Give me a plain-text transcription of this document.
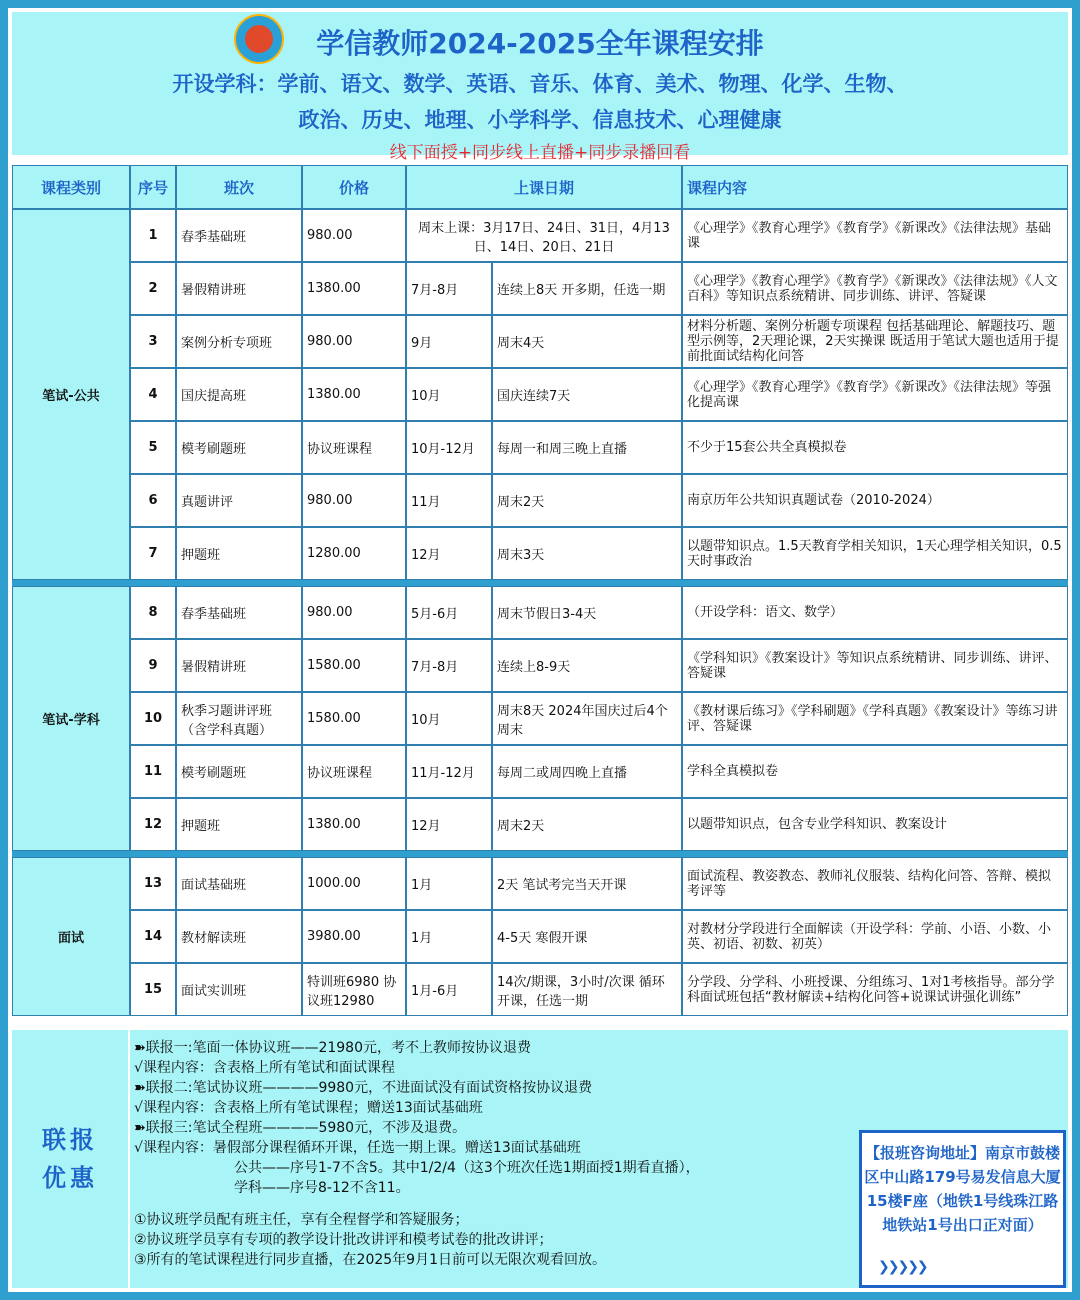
学信教师2024-2025全年课程安排
开设学科：学前、语文、数学、英语、音乐、体育、美术、物理、化学、生物、
政治、历史、地理、小学科学、信息技术、心理健康
线下面授+同步线上直播+同步录播回看
课程类别	序号	班次	价格	上课日期		课程内容
笔试-公共	1	春季基础班	980.00	周末上课：3月17日、24日、31日，4月13日、14日、20日、21日		《心理学》《教育心理学》《教育学》《新课改》《法律法规》基础课
	2	暑假精讲班	1380.00	7月-8月	连续上8天 开多期，任选一期	《心理学》《教育心理学》《教育学》《新课改》《法律法规》《人文百科》等知识点系统精讲、同步训练、讲评、答疑课
	3	案例分析专项班	980.00	9月	周末4天	材料分析题、案例分析题专项课程 包括基础理论、解题技巧、题型示例等，2天理论课，2天实操课 既适用于笔试大题也适用于提前批面试结构化问答
	4	国庆提高班	1380.00	10月	国庆连续7天	《心理学》《教育心理学》《教育学》《新课改》《法律法规》等强化提高课
	5	模考刷题班	协议班课程	10月-12月	每周一和周三晚上直播	不少于15套公共全真模拟卷
	6	真题讲评	980.00	11月	周末2天	南京历年公共知识真题试卷（2010-2024）
	7	押题班	1280.00	12月	周末3天	以题带知识点。1.5天教育学相关知识，1天心理学相关知识，0.5天时事政治

笔试-学科	8	春季基础班	980.00	5月-6月	周末节假日3-4天	（开设学科：语文、数学）
	9	暑假精讲班	1580.00	7月-8月	连续上8-9天	《学科知识》《教案设计》等知识点系统精讲、同步训练、讲评、答疑课
	10	秋季习题讲评班（含学科真题）	1580.00	10月	周末8天 2024年国庆过后4个周末	《教材课后练习》《学科刷题》《学科真题》《教案设计》等练习讲评、答疑课
	11	模考刷题班	协议班课程	11月-12月	每周二或周四晚上直播	学科全真模拟卷
	12	押题班	1380.00	12月	周末2天	以题带知识点，包含专业学科知识、教案设计

面试	13	面试基础班	1000.00	1月	2天 笔试考完当天开课	面试流程、教姿教态、教师礼仪服装、结构化问答、答辩、模拟考评等
	14	教材解读班	3980.00	1月	4-5天 寒假开课	对教材分学段进行全面解读（开设学科：学前、小语、小数、小英、初语、初数、初英）
	15	面试实训班	特训班6980 协议班12980	1月-6月	14次/期课，3小时/次课 循环开课，任选一期	分学段、分学科、小班授课、分组练习、1对1考核指导。部分学科面试班包括“教材解读+结构化问答+说课试讲强化训练”
联报
优惠
➽联报一:笔面一体协议班——21980元，考不上教师按协议退费
√课程内容：含表格上所有笔试和面试课程
➽联报二:笔试协议班————9980元，不进面试没有面试资格按协议退费
√课程内容：含表格上所有笔试课程；赠送13面试基础班
➽联报三:笔试全程班————5980元，不涉及退费。
√课程内容：暑假部分课程循环开课，任选一期上课。赠送13面试基础班
公共——序号1-7不含5。其中1/2/4（这3个班次任选1期面授1期看直播），
学科——序号8-12不含11。
①协议班学员配有班主任，享有全程督学和答疑服务；
②协议班学员享有专项的教学设计批改讲评和模考试卷的批改讲评；
③所有的笔试课程进行同步直播，在2025年9月1日前可以无限次观看回放。
【报班咨询地址】南京市鼓楼区中山路179号易发信息大厦15楼F座（地铁1号线珠江路地铁站1号出口正对面）
❯❯❯❯❯
